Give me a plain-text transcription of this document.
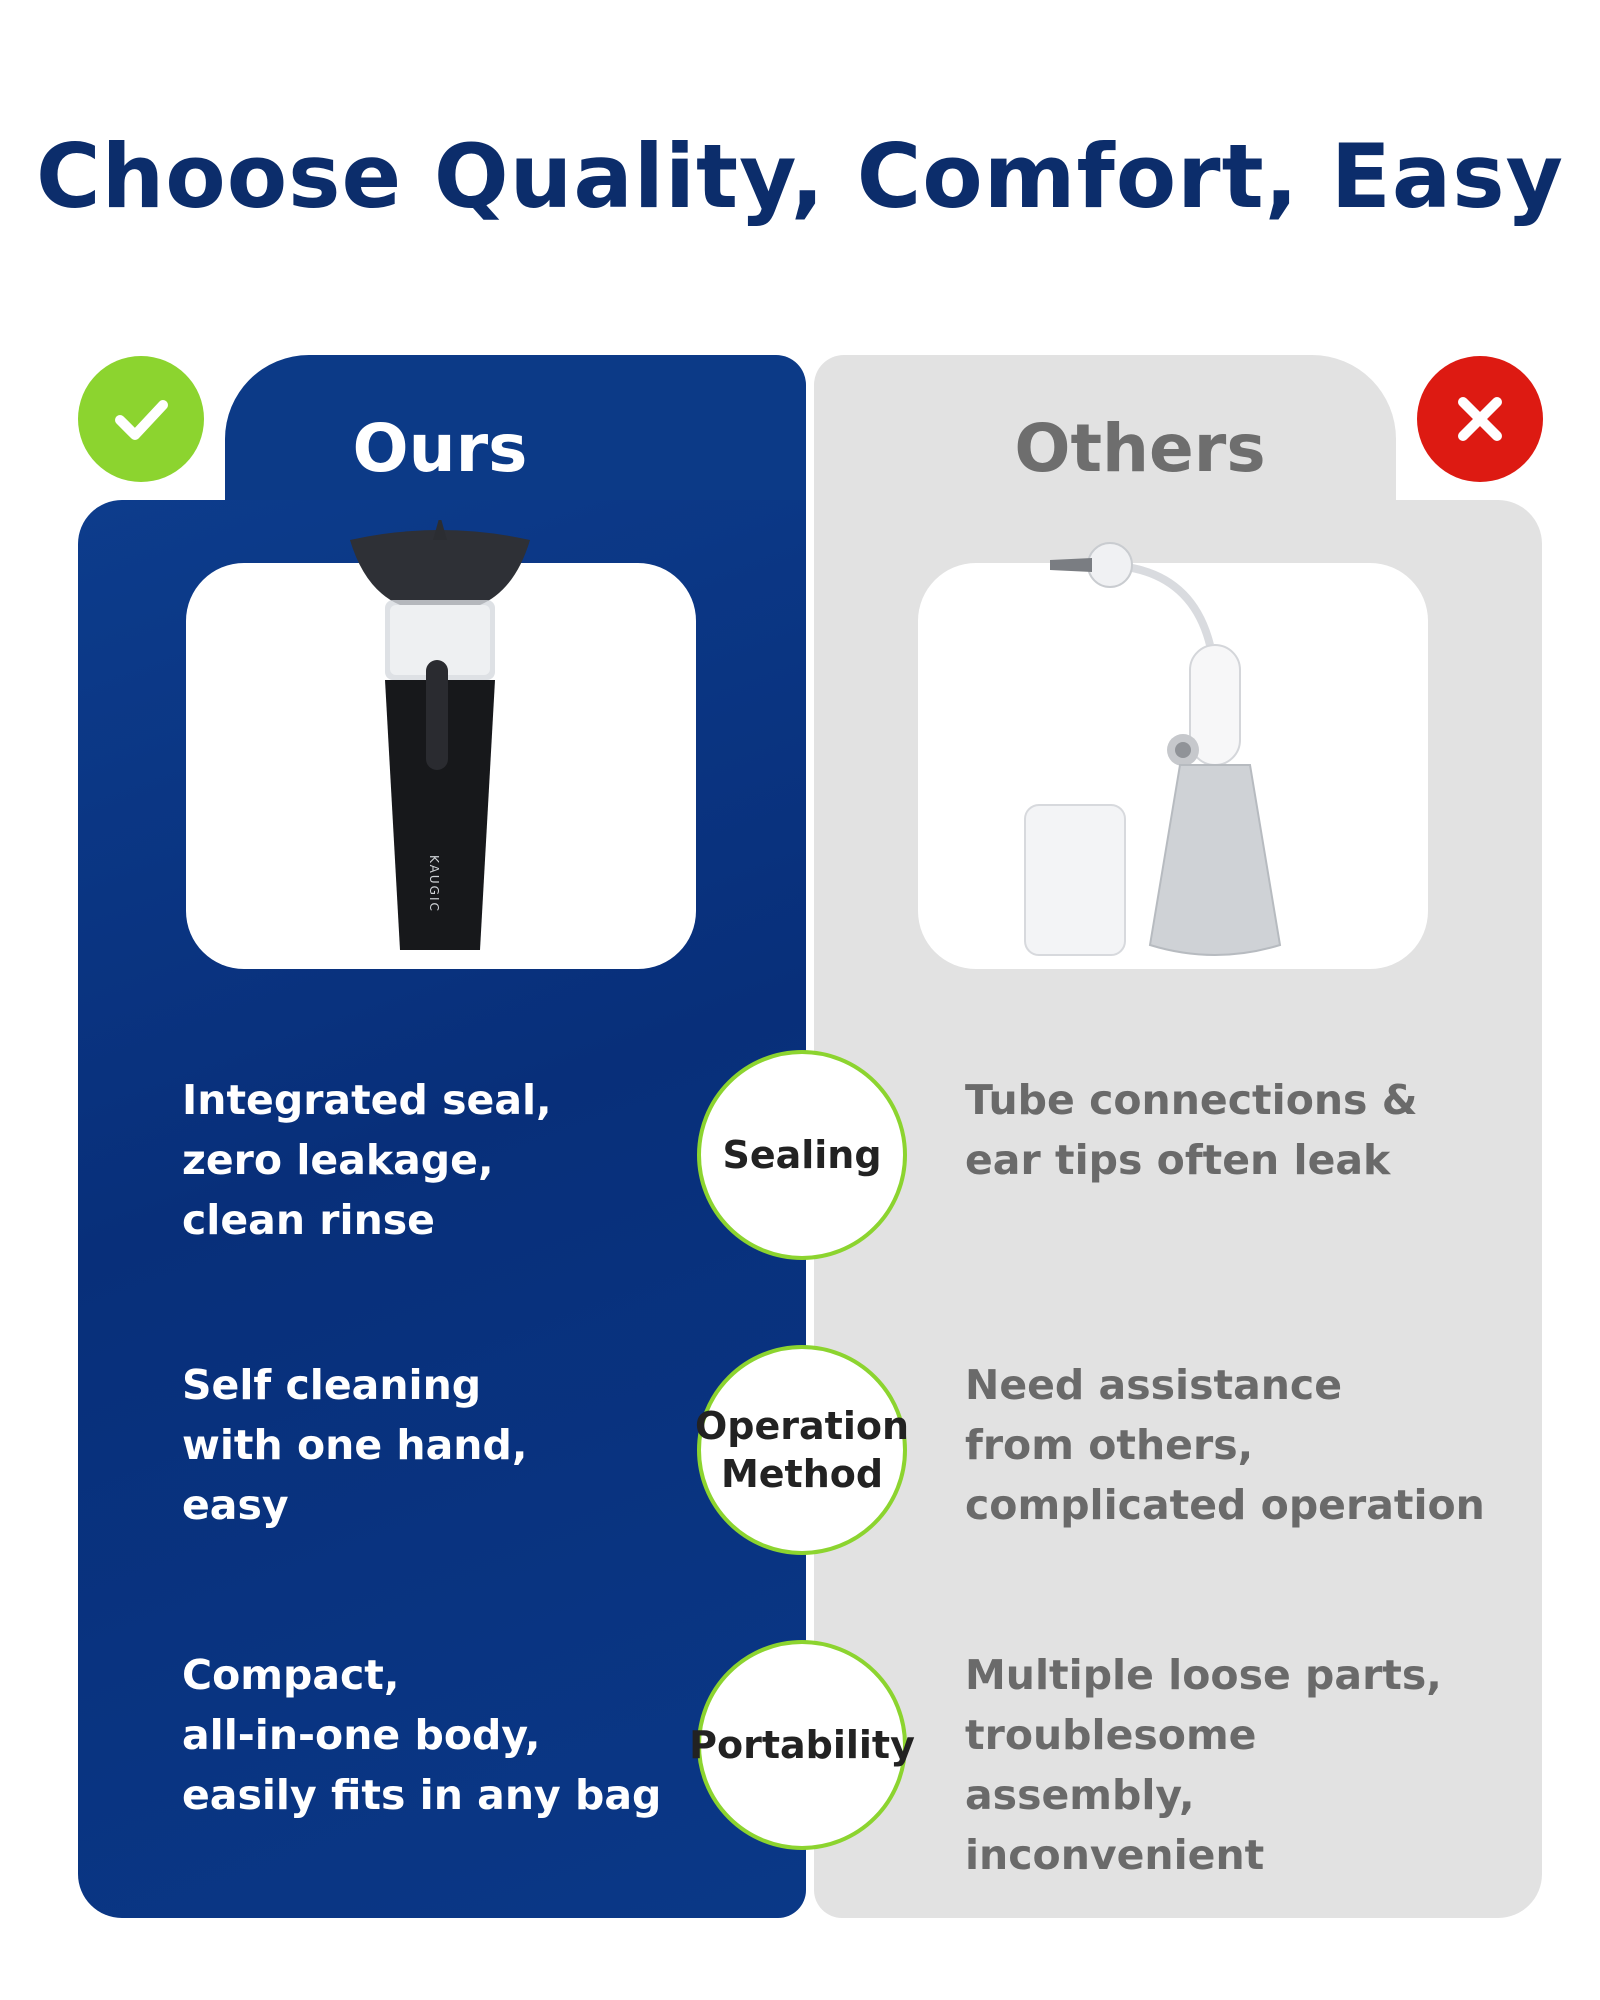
Choose Quality, Comfort, Easy
Ours
KAUGIC
Others
Integrated seal,
zero leakage,
clean rinse
Self cleaning
with one hand,
easy
Compact,
all-in-one body,
easily fits in any bag
Tube connections &
ear tips often leak
Need assistance
from others,
complicated operation
Multiple loose parts,
troublesome assembly,
inconvenient
Sealing
Operation
Method
Portability
